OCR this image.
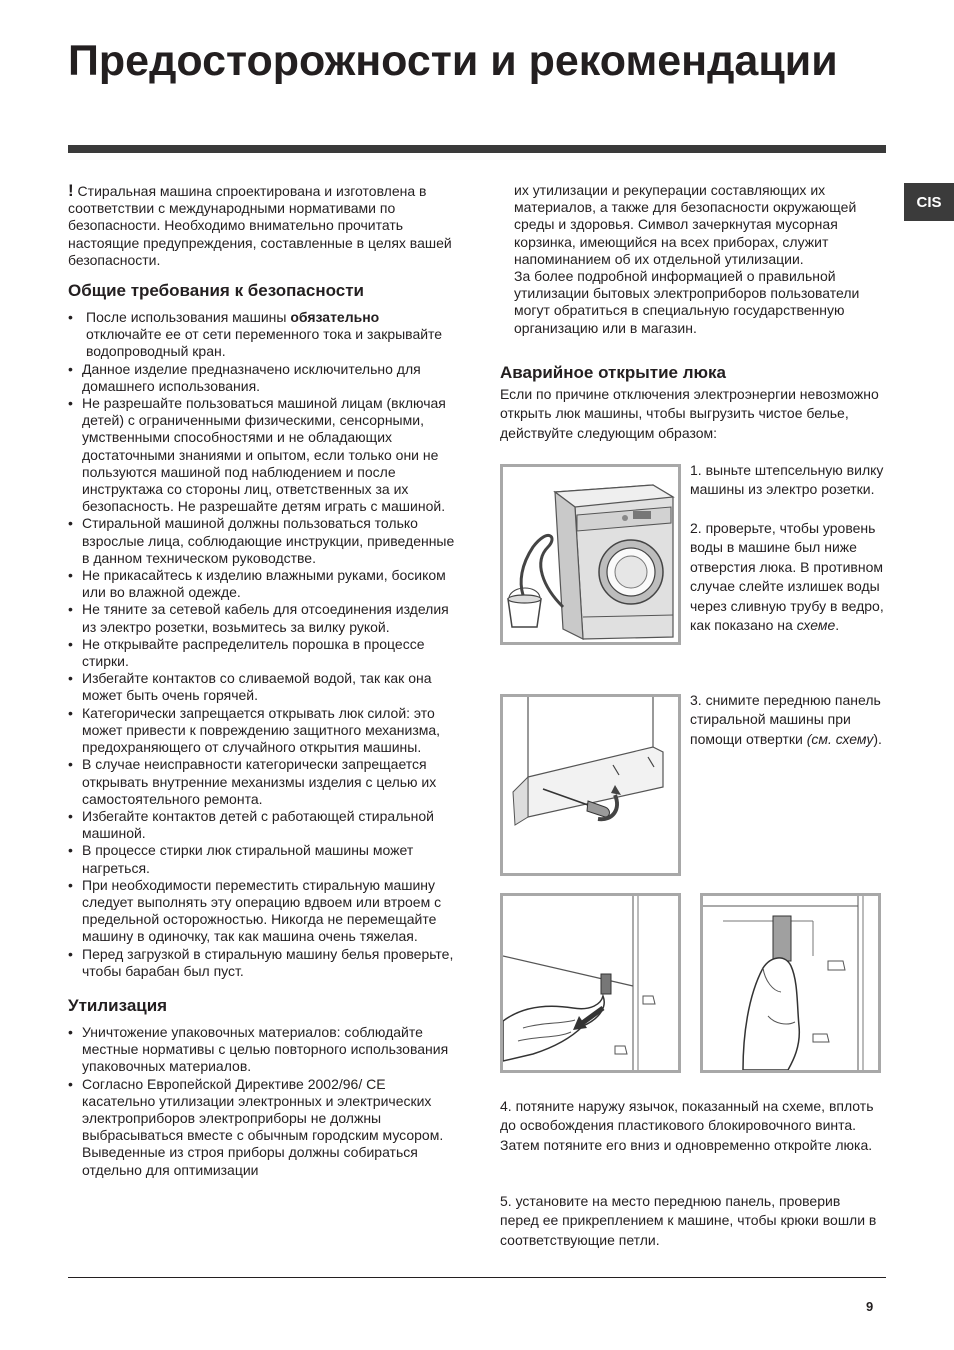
Предосторожности и рекомендации
CIS

! Стиральная машина спроектирована и изготовлена в соответствии с международными нормативами по безопасности. Необходимо внимательно прочитать настоящие предупреждения, составленные в целях вашей безопасности.

Общие требования к безопасности
• После использования машины обязательно отключайте ее от сети переменного тока и закрывайте водопроводный кран.
• Данное изделие предназначено исключительно для домашнего использования.
• Не разрешайте пользоваться машиной лицам (включая детей) с ограниченными физическими, сенсорными, умственными способностями и не обладающих достаточными знаниями и опытом, если только они не пользуются машиной под наблюдением и после инструктажа со стороны лиц, ответственных за их безопасность. Не разрешайте детям играть с машиной.
• Стиральной машиной должны пользоваться только взрослые лица, соблюдающие инструкции, приведенные в данном техническом руководстве.
• Не прикасайтесь к изделию влажными руками, босиком или во влажной одежде.
• Не тяните за сетевой кабель для отсоединения изделия из электро розетки, возьмитесь за вилку рукой.
• Не открывайте распределитель порошка в процессе стирки.
• Избегайте контактов со сливаемой водой, так как она может быть очень горячей.
• Категорически запрещается открывать люк силой: это может привести к повреждению защитного механизма, предохраняющего от случайного открытия машины.
• В случае неисправности категорически запрещается открывать внутренние механизмы изделия с целью их самостоятельного ремонта.
• Избегайте контактов детей с работающей стиральной машиной.
• В процессе стирки люк стиральной машины может нагреться.
• При необходимости переместить стиральную машину следует выполнять эту операцию вдвоем или втроем с предельной осторожностью. Никогда не перемещайте машину в одиночку, так как машина очень тяжелая.
• Перед загрузкой в стиральную машину белья проверьте, чтобы барабан был пуст.
Утилизация
• Уничтожение упаковочных материалов: соблюдайте местные нормативы с целью повторного использования упаковочных материалов.
• Согласно Европейской Директиве 2002/96/ СЕ касательно утилизации электронных и электрических электроприборов электроприборы не должны выбрасываться вместе с обычным городским мусором. Выведенные из строя приборы должны собираться отдельно для оптимизации

их утилизации и рекуперации составляющих их материалов, а также для безопасности окружающей среды и здоровья. Символ зачеркнутая мусорная корзинка, имеющийся на всех приборах, служит напоминанием об их отдельной утилизации.

За более подробной информацией о правильной утилизации бытовых электроприборов пользователи могут обратиться в специальную государственную организацию или в магазин.

Аварийное открытие люка

Если по причине отключения электроэнергии невозможно открыть люк машины, чтобы выгрузить чистое белье, действуйте следующим образом:

1. выньте штепсельную вилку машины из электро розетки.

2. проверьте, чтобы уровень воды в машине был ниже отверстия люка. В противном случае слейте излишек воды через сливную трубу в ведро, как показано на схеме.

3. снимите переднюю панель стиральной машины при помощи отвертки (см. схему).

4. потяните наружу язычок, показанный на схеме, вплоть до освобождения пластикового блокировочного винта. Затем потяните его вниз и одновременно откройте люка.

5. установите на место переднюю панель, проверив перед ее прикреплением к машине, чтобы крюки вошли в соответствующие петли.

9
